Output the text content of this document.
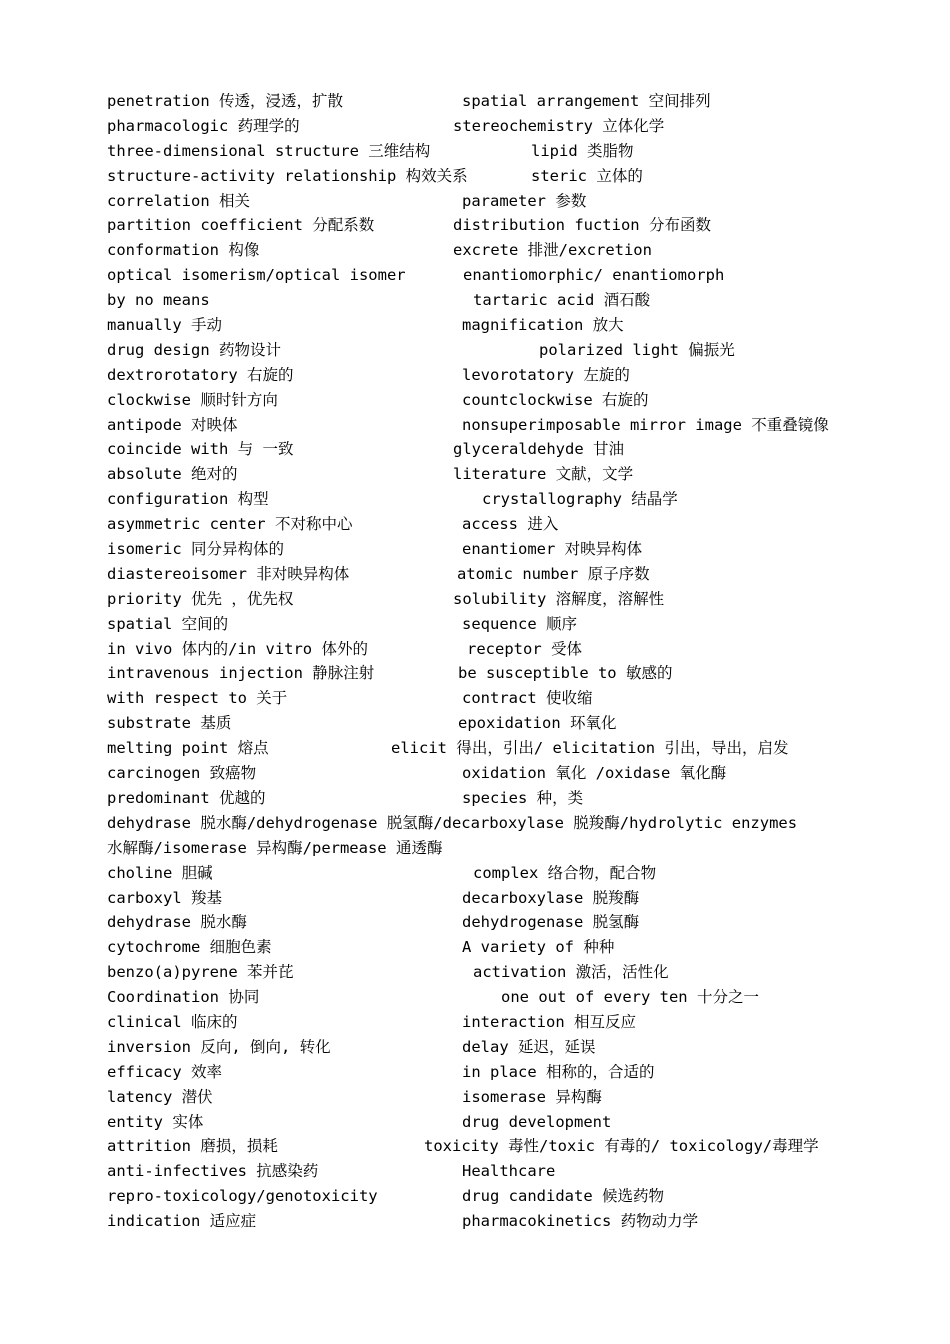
penetration 传透，浸透，扩散	spatial arrangement 空间排列
pharmacologic 药理学的	stereochemistry 立体化学
three-dimensional structure 三维结构	lipid 类脂物
structure-activity relationship 构效关系	steric 立体的
correlation 相关	parameter 参数
partition coefficient 分配系数	distribution fuction 分布函数
conformation 构像	excrete 排泄/excretion
optical isomerism/optical isomer	enantiomorphic/ enantiomorph
by no means	tartaric acid 酒石酸
manually 手动	magnification 放大
drug design 药物设计	polarized light 偏振光
dextrorotatory 右旋的	levorotatory 左旋的
clockwise 顺时针方向	countclockwise 右旋的
antipode 对映体	nonsuperimposable mirror image 不重叠镜像
coincide with 与 一致	glyceraldehyde 甘油
absolute 绝对的	literature 文献，文学
configuration 构型	crystallography 结晶学
asymmetric center 不对称中心	access 进入
isomeric 同分异构体的	enantiomer 对映异构体
diastereoisomer 非对映异构体	atomic number 原子序数
priority 优先 ，优先权	solubility 溶解度，溶解性
spatial 空间的	sequence 顺序
in vivo 体内的/in vitro 体外的	receptor 受体
intravenous injection 静脉注射	be susceptible to 敏感的
with respect to 关于	contract 使收缩
substrate 基质	epoxidation 环氧化
melting point 熔点	elicit 得出，引出/ elicitation 引出，导出，启发
carcinogen 致癌物	oxidation 氧化 /oxidase 氧化酶
predominant 优越的	species 种，类
dehydrase 脱水酶/dehydrogenase 脱氢酶/decarboxylase 脱羧酶/hydrolytic enzymes
水解酶/isomerase 异构酶/permease 通透酶
choline 胆碱	complex 络合物，配合物
carboxyl 羧基	decarboxylase 脱羧酶
dehydrase 脱水酶	dehydrogenase 脱氢酶
cytochrome 细胞色素	A variety of 种种
benzo(a)pyrene 苯并芘	activation 激活，活性化
Coordination 协同	one out of every ten 十分之一
clinical 临床的	interaction 相互反应
inversion 反向, 倒向, 转化	delay 延迟，延误
efficacy 效率	in place 相称的，合适的
latency 潜伏	isomerase 异构酶
entity 实体	drug development
attrition 磨损，损耗	toxicity 毒性/toxic 有毒的/ toxicology/毒理学
anti-infectives 抗感染药	Healthcare
repro-toxicology/genotoxicity	drug candidate 候选药物
indication 适应症	pharmacokinetics 药物动力学
